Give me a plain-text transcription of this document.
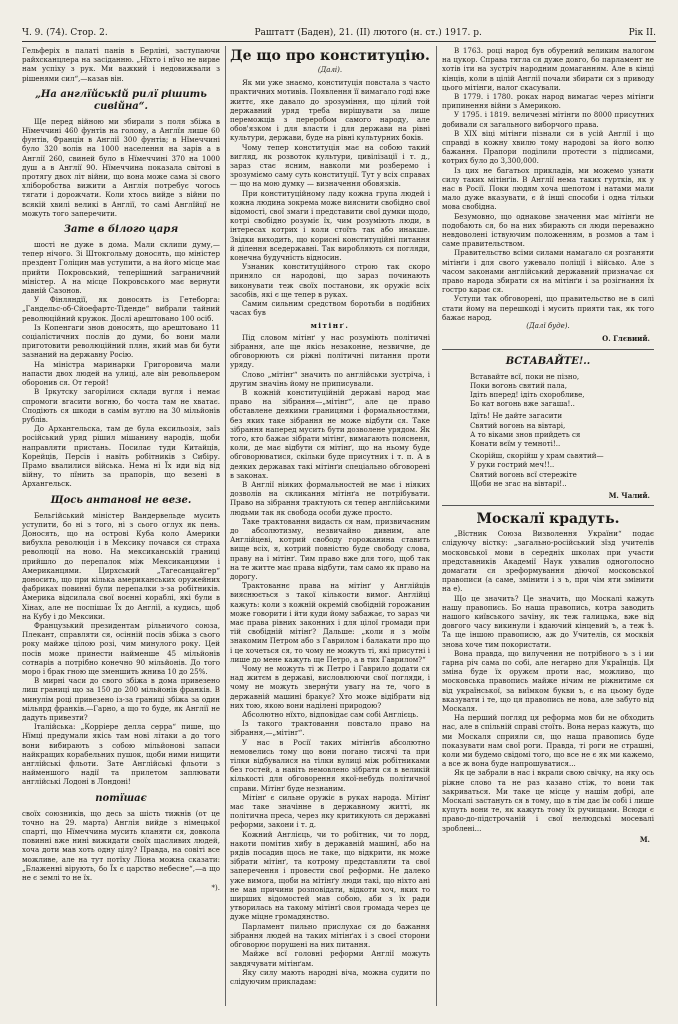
Ч. 9. (74). Стор. 2.	Раштатт (Баден), 21. (II) лютого (н. ст.) 1917. р.	Рік II.

Гельферіх в палаті панів в Берліні, заступаючи райхсканцлера на засіданню. „Нїхто і нїчо не вирве нам успіху з рук. Ми важкий і недовижвали з рішенями сил“,—казав він.

„На англїйській рилї рішить сивійна“.

Ще перед війною ми збирали з поля збіжа в Нїмеччині 460 фунтів на голову, а Англїя лише 60 фунтів, Франція в Англії 300 фунтів; в Нїмеччині було 320 волів на 1000 населення на зарів а в Англії 260, свиней було в Нїмеччині 370 на 1000 душ а в Англії 90. Нїмеччина показала світові в протягу двох літ війни, що вона може сама зі свого хліборобства вижити а Англія потребує чогось тягати і дорожчати. Коли хтось вийде з війни по всякій хвилі великі в Англії, то самі Англїйцї не можуть того заперечити.

Зате в білого царя

шості не дуже в дома. Мали склипи думу,—тепер нічого. Зі Штокгольму доносять, що міністер прездент Голіцин мав уступити, а на його місце має прийти Покровський, теперішний заграничний міністер. А на місце Покровського має вернути давній Сазонов.

У Фінляндії, як доносять із Гетеборга: „Гандельс-об-Сйоефартс-Тіденде“ вибрали тайний революційний кружок. Дослі арештовано 100 осіб.

Із Копенгаги знов доносять, що арештовано 11 соціалістичних послів до думи, бо вони мали приготовити революційний плян, який мав би бути зазнаний на державну Росію.

На міністра маринарки Григоровича мали напасти двох людей на улиці, але він револьвером оборонив ся. От герой!

В Іркутску загорілися склади вугля і немає спромоги вгасити вогню, бо чоста там не хватає. Сподіють ся шкоди в самім вуглю на 30 мільйонів рублів.

До Архангельска, там де була ексильозія, заїз російський уряд рішил мішанину народів, щоби направляти пристань. Посилає туди Китайців, Корейців, Персів і навіть робітників з Сибіру. Прамо ввалилися війська. Нема ні Їх иди від від війну, то пїнить за прапорів, що везені в Архангельск.

Щось антанові не везе.

Бельгійський міністер Вандервельде мусить уступити, бо ні з того, ні з сього оглух як пень. Доносять, що на острові Куба коло Америки вибухла революція і в Мексику почався ся страха революції на ново. На мексиканській границі прийшло до перепалок між Мексиканцями і Американцями. Цирхський „Тагесанцайгер“ доносить, що при кілька американських оружейних фабриках повинні були перепалки з-за робітників. Америка відсилала свої воєнні кораблі, які були в Хінах, але не поспішає Їх до Англії, а кудись, щоб на Кубу і до Мексики.

Французький президентам рільничого союза, Плекант, справляти ся, осінній посів збіжа з сього року майже цілою розі, чим минулого року. Цей посів може принести найменше 45 мільйонів сотнарів а потрібно конечно 90 мільйонів. До того моро і брак гною ще зменшить жнива 10 до 25%.

В мирні часи до свого збіжа в дома привезено лиш границі що за 150 до 200 мільйонів франків. В минулім році привезено із-за границі збіжа за один мільярд франків.—Гарно, а що то буде, як Англії не дадуть привезти?

Італійська: „Корріере делла серра“ пише, що Нїмці предумали якісь там нові літаки а до того вони вибирають з собою мільйонові запаси найкращих корабельних пушок, щоби ними нищити англійські фльоти. Зате Англійські фльоти з найменшого надії та прилетом заплювати англійські Лодоні в Лондоні!

потїшає

своїх союзників, що десь за шість тижнів (от це точно на 29. марта) Англія вийде з німецької спарті, що Нїмеччина мусить кланяти ся, довкола повинні вже нині вижидати своїх щасливих людей, хоча доти мав хоть одну цілу? Правда, на совіті все можливе, але на тут потїху Лїона можна сказати: „Блаженні вірують, бо Їх є царство небесне“,—а що не є землі то не їх.

*).
Де що про конституцію.
(Далі).

Як ми уже знаємо, конституція повстала з часто практичних мотивів. Появлення її вимагало годі вже життє, яке давало до зрозуміння, що цілий той державний уряд треба вирішувати за лише переможців з переробом самого народу, але обов'язком і для власти і для держави на рівні культури, держави, буде на рівні культурних боків.

Чому тепер конституція має на собою такий вигляд, як розвоток культури, цивілізації і т. д., зараз стає ясним, навколи ми розберемо і зрозуміємо саму суть конституції. Тут у всіх справах — що на мою думку — визначення обовязків.

При конституційному ладу кожна група людей і кожна людина зокрема може вияснити свобідно свої відомості, свої змаги і представити свої думки щодо, котрі свобідно розуміє їх, чим розуміють люди, в інтересах котрих і коли стоїть так або инакше. Звідки виходить, що корисні конституційні питання й ділення вседержавні. Так виробляють ся погляди, конечна будучність відносин.

Узнаник конституційного строю так скоро приняло ся народові, що зараз починають виконувати теж своїх постанови, як оружіє всіх засобів, які є ще тепер в руках.

Самим сильним средством боротьби в подібних часах був

мітінґ.

Під словом мітінґ у нас розуміють політичні зібрання, але ще якісь незаконне, незвичне, де обговорюють ся ріжні політичні питання проти уряду.

Слово „мітінґ“ значить по англійськи зустріча, і другим значінь йому не приписували.

В кожній конституційній державі народ має право на зібрання—„мітінґ“, але це право обставлене деякими границями і формальностями, без яких таке зібрання не може відбути ся. Таке зібрання наперед мусить бути дозволене урядом. Як того, кто бажає зібрати мітінґ, вимагають поясненя, коли, де має відбути ся мітінґ, що на ньому буде обговорюватися, скільки буде присутних і т. п. А в деяких державах такі мітінґи спеціально обговорені в законах.

В Англії ніяких формальностей не має і ніяких дозволів на скликання мітінґа не потрібувати. Право на зібрання трактують ся тепер англійськими людьми так як свобода особи дуже просто.

Таке трактовання видасть ся нам, призвичаєним до абсолютизму, незвичайно дивним, але Англійцеві, котрий свободу горожанина ставить вище всіх, я, котрий повністю буде свободу слова, праву на і мітінґ. Тим право вже для того, щоб так на те житте має права відбути, там само як право на дорогу.

Трактованнє права на мітінґ у Англійців вияснюється з такої кількости вимог. Англійці кажуть: коли з кожній окремій свобідній горожанин може говорити і йти куди йому забажає, то зараз чи має права рівних законних і для цілої громади при тій свобідній мітінґ? Дальше: „коли я з моїм знакомим Петром або з Гаврилом і балакати про що і це хочеться ся, то чому не можуть ті, які присутні і лише до мене кажуть ще Петро, а в тих Гаврилом?“

Чому не можуть ті ж Петро і Гаврило додати ся над житєм в державі, висловлюючи свої погляди, і чому не можуть зверну́ти увагу на те, чого в державній машині бракує? Хто може відібрати від них тою, якою вони наділені природою?

Абсолютно нїхто, відповідає сам собі Англієць.

Із такого трактовання повстало право на зібрання,—„мітінґ“.

У нас в Росії таких мітінґів абсолютно немовелись тому що вони погано тисячі та при тілки відбувалися на тілки вулиці між робітниками без гостей, а навіть немовлено зібрати ся в великій кількості для обговорення якої-небудь політичної справи. Мітінґ буде незнаним.

Мітінґ є сильне оружіє в руках народа. Мітінґ має таке значінне в державному житті, як політична преса, через яку критикують ся державні реформи, закони і т. д.

Кожний Англієць, чи то робітник, чи то лорд, накоти помітив хибу в державній машинї, або на рядів посадив щось не таке, що відкрити, як може зібрати мітінґ, та котрому представляти та свої заперечення і провести свої реформи. Не далеко уже вимога, щоби на мітінґу люди такі, що ніхто ані не мав причини розповідати, відкоти хоч, яких то ширших відомостей мав собою, аби з їх ради утворилась на такому мітінґі своя громада через це дуже міцне громадянство.

Парламент пильно прислухає ся до бажання зібрання людей на таких мітінґах і з своєї сторони обговорює порушені на них питання.

Майже всї головні реформи Англії можуть завдячувати мітінґам.

Яку силу мають народні віча, можна судити по слідуючим прикладам:

В 1763. році народ був обурений великим налогом на цукор. Справа тягла ся дуже довго, бо парламент не хотів іти на зустріч народним домаганням. Але в кінці кінців, коли в цілій Англії почали збирати ся з приводу цього мітінги, налог скасували.

В 1779. і 1780. роках народ вимагає через мітінги припинення війни з Америкою.

У 1795. і 1819. величезні мітінги по 8000 присутних добивали ся загального виборчого права.

В XIX віці мітінги пізнали ся в усій Англії і що справді в кожну хвилю тому народові за його волю бажання. Прапори поділили протести з підписами, котрих було до 3,300,000.

Із цих не багатьох прикладів, ми можемо узнати силу таких мітінґів. В Англії нема таких гуртків, як у нас в Росії. Поки людям хоча шепотом і натами мали мало дуже вказувати, є й інші способи і одна тільки мова свобідна.

Безумовно, що однакове значення має мітінґи не подобають ся, бо на них збирають ся люди переважно невдоволені іствуючим положенням, в розмов а там і саме правительством.

Правительство всіми силами намагало ся розганяти мітінґи і для свого ужевало поліції і військо. Але з часом законами англійський державний призначає ся право народа збирати ся на мітінґи і за розігнання їх гостро карає ся.

Уступи так обговорені, що правительство не в силі стати йому на перешкоді і мусить прияти так, як того бажає народ.

(Далї буде).
О. Глєвиий.
ВСТАВАЙТЕ!..
Вставайте всї, поки не пізно,
Поки вогонь святий пала,
Ідіть вперед! ідіть cхоробливе,
Бо кат вогонь вже загаша!..
Ідїть! Не дайте загасити
Святий вогонь на вівтарі,
А то віками знов прийдеть ся
Конати вєїм у темноті!..
Скорійш, скорійш у храм сьвятий—
У руки гострий меч!!..
Святий вогонь всї стережіте
Щоби не згас на вівтарі!..
М. Чалий.
Москалї крадуть.

„Вїстник Союза Визволення України“ подає слідуючу вістку: „загально-російський зїзд учителів московської мови в середніх школах при участи представників Академії Наук ухвалив одноголосно домагати ся зреформування діючої московської правописи (а саме, змінити і з ъ, при чім яти змінити на е).

Що це значить? Це значить, що Москалі кажуть нашу правопись. Бо наша правопись, котра заводить нашого київського зачіну, як теж галицька, вже від довгого часу викинули і вдаючий кінцевий ъ, а теж ѣ. Та ще іншою правописю, аж до Учителів, ся москвія знова хоче тим покористати.

Вона правда, що вилучення не потрібного ъ з і ии гарна річ сама по собі, але негарно для Українців. Ця зміна буде їх оружєм проти нас, можливо, що московська правопись майже нічим не ріжнитиме ся від української, за виїмком букви ъ, є на цьому буде вказувати і те, що ця правопись не нова, але забуто від Москаля.

На перший погляд ця реформа мов би не обходить нас, але в спільній справі стоїть. Вона нераз кажуть, що ми Москаля сприяли ся, що наша правопись буде показувати нам свої роги. Правда, ті роги не страшні, коли ми будемо свідомі того, що все не є як ми кажемо, а все ж вона буде напрошуватися...

Як це забрали в нас і вкрали свою свічку, на яку ось ріжне слово та не раз казано стіж, то вони так закриваться. Ми таке це місце у нашім добрі, але Москалі застануть ся в тому, що в тім дає їм собі і лише купуть вони те, як кажуть тому їх ручищами. Всюди є право-до-підстрочаній і свої нелюдські мосевалі зроблені...

М.
